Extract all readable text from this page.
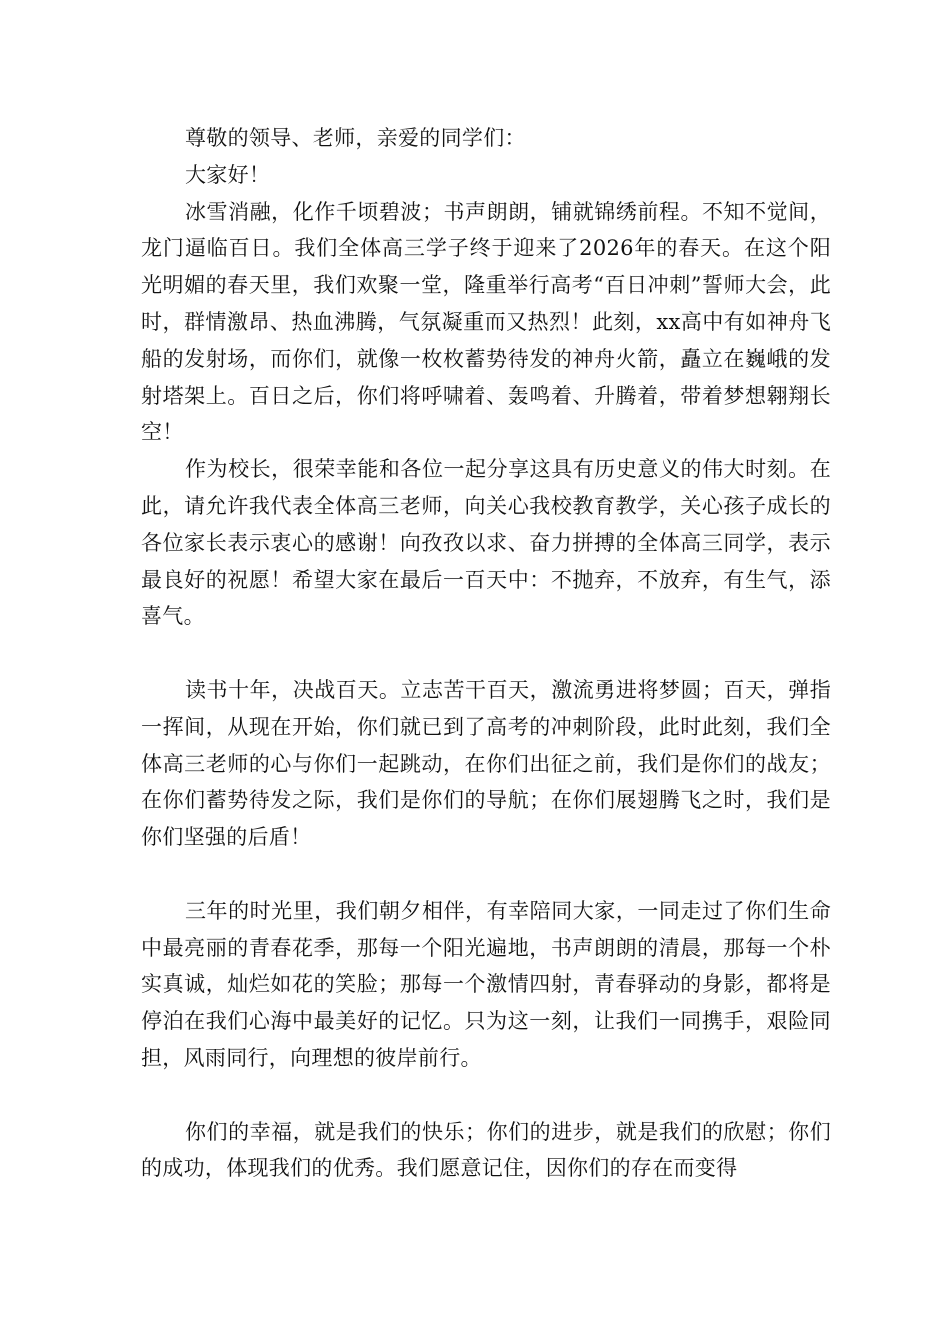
尊敬的领导、老师，亲爱的同学们：

大家好！

冰雪消融，化作千顷碧波；书声朗朗，铺就锦绣前程。不知不觉间，龙门逼临百日。我们全体高三学子终于迎来了2026年的春天。在这个阳光明媚的春天里，我们欢聚一堂，隆重举行高考“百日冲刺”誓师大会，此时，群情激昂、热血沸腾，气氛凝重而又热烈！此刻，xx高中有如神舟飞船的发射场，而你们，就像一枚枚蓄势待发的神舟火箭，矗立在巍峨的发射塔架上。百日之后，你们将呼啸着、轰鸣着、升腾着，带着梦想翱翔长空！

作为校长，很荣幸能和各位一起分享这具有历史意义的伟大时刻。在此，请允许我代表全体高三老师，向关心我校教育教学，关心孩子成长的各位家长表示衷心的感谢！向孜孜以求、奋力拼搏的全体高三同学，表示最良好的祝愿！希望大家在最后一百天中：不抛弃，不放弃，有生气，添喜气。

读书十年，决战百天。立志苦干百天，激流勇进将梦圆；百天，弹指一挥间，从现在开始，你们就已到了高考的冲刺阶段，此时此刻，我们全体高三老师的心与你们一起跳动，在你们出征之前，我们是你们的战友；在你们蓄势待发之际，我们是你们的导航；在你们展翅腾飞之时，我们是你们坚强的后盾！

三年的时光里，我们朝夕相伴，有幸陪同大家，一同走过了你们生命中最亮丽的青春花季，那每一个阳光遍地，书声朗朗的清晨，那每一个朴实真诚，灿烂如花的笑脸；那每一个激情四射，青春驿动的身影，都将是停泊在我们心海中最美好的记忆。只为这一刻，让我们一同携手，艰险同担，风雨同行，向理想的彼岸前行。

你们的幸福，就是我们的快乐；你们的进步，就是我们的欣慰；你们的成功，体现我们的优秀。我们愿意记住，因你们的存在而变得
